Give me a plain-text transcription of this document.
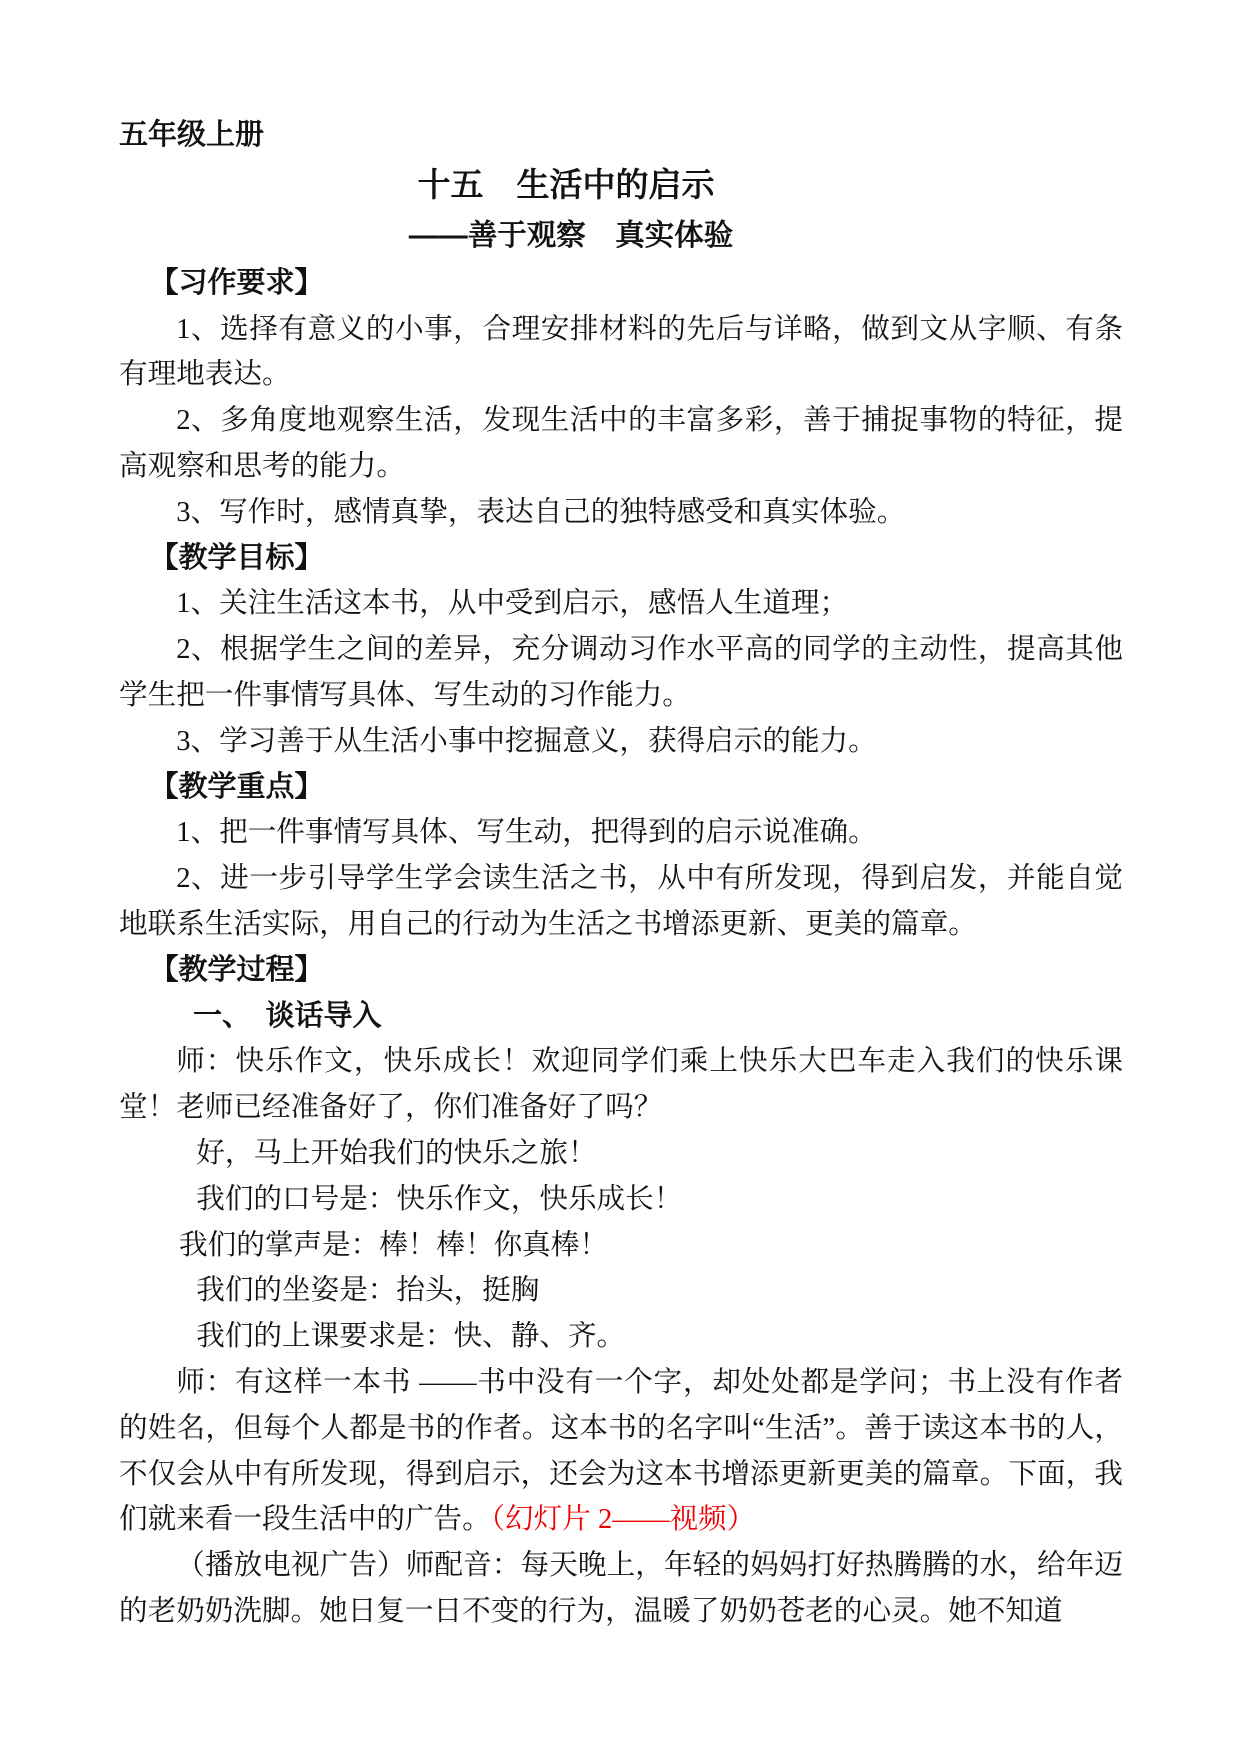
五年级上册

十五　生活中的启示
——善于观察　真实体验
【习作要求】

1、选择有意义的小事，合理安排材料的先后与详略，做到文从字顺、有条有理地表达。

2、多角度地观察生活，发现生活中的丰富多彩，善于捕捉事物的特征，提高观察和思考的能力。

3、写作时，感情真挚，表达自己的独特感受和真实体验。

【教学目标】

1、关注生活这本书，从中受到启示，感悟人生道理；

2、根据学生之间的差异，充分调动习作水平高的同学的主动性，提高其他学生把一件事情写具体、写生动的习作能力。

3、学习善于从生活小事中挖掘意义，获得启示的能力。

【教学重点】

1、把一件事情写具体、写生动，把得到的启示说准确。

2、进一步引导学生学会读生活之书，从中有所发现，得到启发，并能自觉地联系生活实际，用自己的行动为生活之书增添更新、更美的篇章。

【教学过程】
一、　谈话导入

师：快乐作文，快乐成长！欢迎同学们乘上快乐大巴车走入我们的快乐课堂！老师已经准备好了，你们准备好了吗？

好，马上开始我们的快乐之旅！

我们的口号是：快乐作文，快乐成长！

我们的掌声是：棒！棒！你真棒！

我们的坐姿是：抬头，挺胸

我们的上课要求是：快、静、齐。

师：有这样一本书 ——书中没有一个字，却处处都是学问；书上没有作者的姓名，但每个人都是书的作者。这本书的名字叫“生活”。善于读这本书的人，不仅会从中有所发现，得到启示，还会为这本书增添更新更美的篇章。下面，我们就来看一段生活中的广告。（幻灯片 2——视频）

（播放电视广告）师配音：每天晚上，年轻的妈妈打好热腾腾的水，给年迈的老奶奶洗脚。她日复一日不变的行为，温暖了奶奶苍老的心灵。她不知道
